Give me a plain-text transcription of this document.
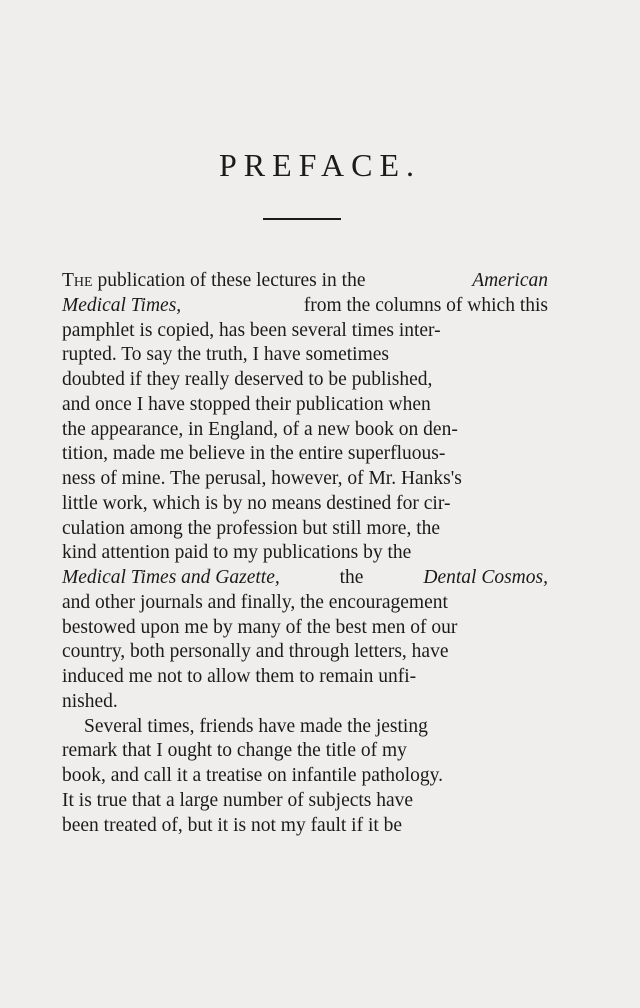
PREFACE.
The publication of these lectures in the	American
Medical Times,	from the columns of which this
pamphlet is copied, has been several times inter-
rupted. To say the truth, I have sometimes
doubted if they really deserved to be published,
and once I have stopped their publication when
the appearance, in England, of a new book on den-
tition, made me believe in the entire superfluous-
ness of mine. The perusal, however, of Mr. Hanks's
little work, which is by no means destined for cir-
culation among the profession but still more, the
kind attention paid to my publications by the
Medical Times and Gazette,	the	Dental Cosmos,
and other journals and finally, the encouragement
bestowed upon me by many of the best men of our
country, both personally and through letters, have
induced me not to allow them to remain unfi-
nished.
Several times, friends have made the jesting
remark that I ought to change the title of my
book, and call it a treatise on infantile pathology.
It is true that a large number of subjects have
been treated of, but it is not my fault if it be
